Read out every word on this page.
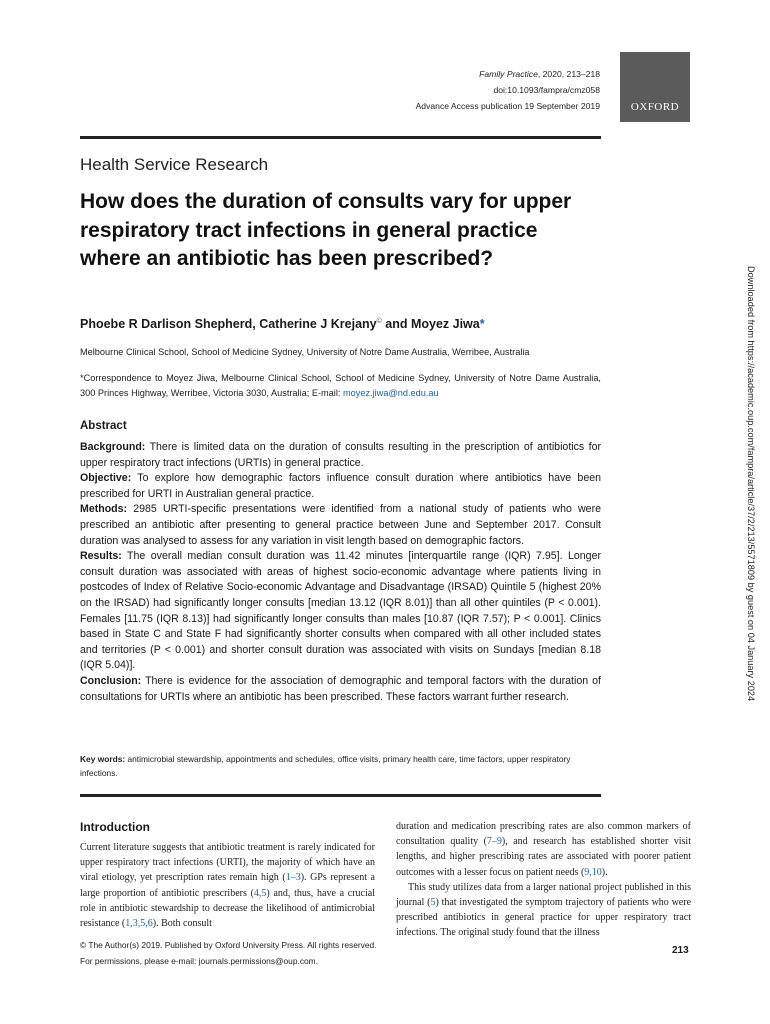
Family Practice, 2020, 213–218
doi:10.1093/fampra/cmz058
Advance Access publication 19 September 2019	OXFORD
Health Service Research
How does the duration of consults vary for upper respiratory tract infections in general practice where an antibiotic has been prescribed?
Phoebe R Darlison Shepherd, Catherine J Krejany© and Moyez Jiwa*
Melbourne Clinical School, School of Medicine Sydney, University of Notre Dame Australia, Werribee, Australia
*Correspondence to Moyez Jiwa, Melbourne Clinical School, School of Medicine Sydney, University of Notre Dame Australia, 300 Princes Highway, Werribee, Victoria 3030, Australia; E-mail: moyez.jiwa@nd.edu.au
Abstract

Background: There is limited data on the duration of consults resulting in the prescription of antibiotics for upper respiratory tract infections (URTIs) in general practice.

Objective: To explore how demographic factors influence consult duration where antibiotics have been prescribed for URTI in Australian general practice.

Methods: 2985 URTI-specific presentations were identified from a national study of patients who were prescribed an antibiotic after presenting to general practice between June and September 2017. Consult duration was analysed to assess for any variation in visit length based on demographic factors.

Results: The overall median consult duration was 11.42 minutes [interquartile range (IQR) 7.95]. Longer consult duration was associated with areas of highest socio-economic advantage where patients living in postcodes of Index of Relative Socio-economic Advantage and Disadvantage (IRSAD) Quintile 5 (highest 20% on the IRSAD) had significantly longer consults [median 13.12 (IQR 8.01)] than all other quintiles (P < 0.001). Females [11.75 (IQR 8.13)] had significantly longer consults than males [10.87 (IQR 7.57); P < 0.001]. Clinics based in State C and State F had significantly shorter consults when compared with all other included states and territories (P < 0.001) and shorter consult duration was associated with visits on Sundays [median 8.18 (IQR 5.04)].

Conclusion: There is evidence for the association of demographic and temporal factors with the duration of consultations for URTIs where an antibiotic has been prescribed. These factors warrant further research.

Key words: antimicrobial stewardship, appointments and schedules, office visits, primary health care, time factors, upper respiratory infections.
Introduction

Current literature suggests that antibiotic treatment is rarely indicated for upper respiratory tract infections (URTI), the majority of which have an viral etiology, yet prescription rates remain high (1–3). GPs represent a large proportion of antibiotic prescribers (4,5) and, thus, have a crucial role in antibiotic stewardship to decrease the likelihood of antimicrobial resistance (1,3,5,6). Both consult

duration and medication prescribing rates are also common markers of consultation quality (7–9), and research has established shorter visit lengths, and higher prescribing rates are associated with poorer patient outcomes with a lesser focus on patient needs (9,10).

This study utilizes data from a larger national project published in this journal (5) that investigated the symptom trajectory of patients who were prescribed antibiotics in general practice for upper respiratory tract infections. The original study found that the illness

© The Author(s) 2019. Published by Oxford University Press. All rights reserved.
For permissions, please e-mail: journals.permissions@oup.com.
213
Downloaded from https://academic.oup.com/fampra/article/37/2/213/5571809 by guest on 04 January 2024
